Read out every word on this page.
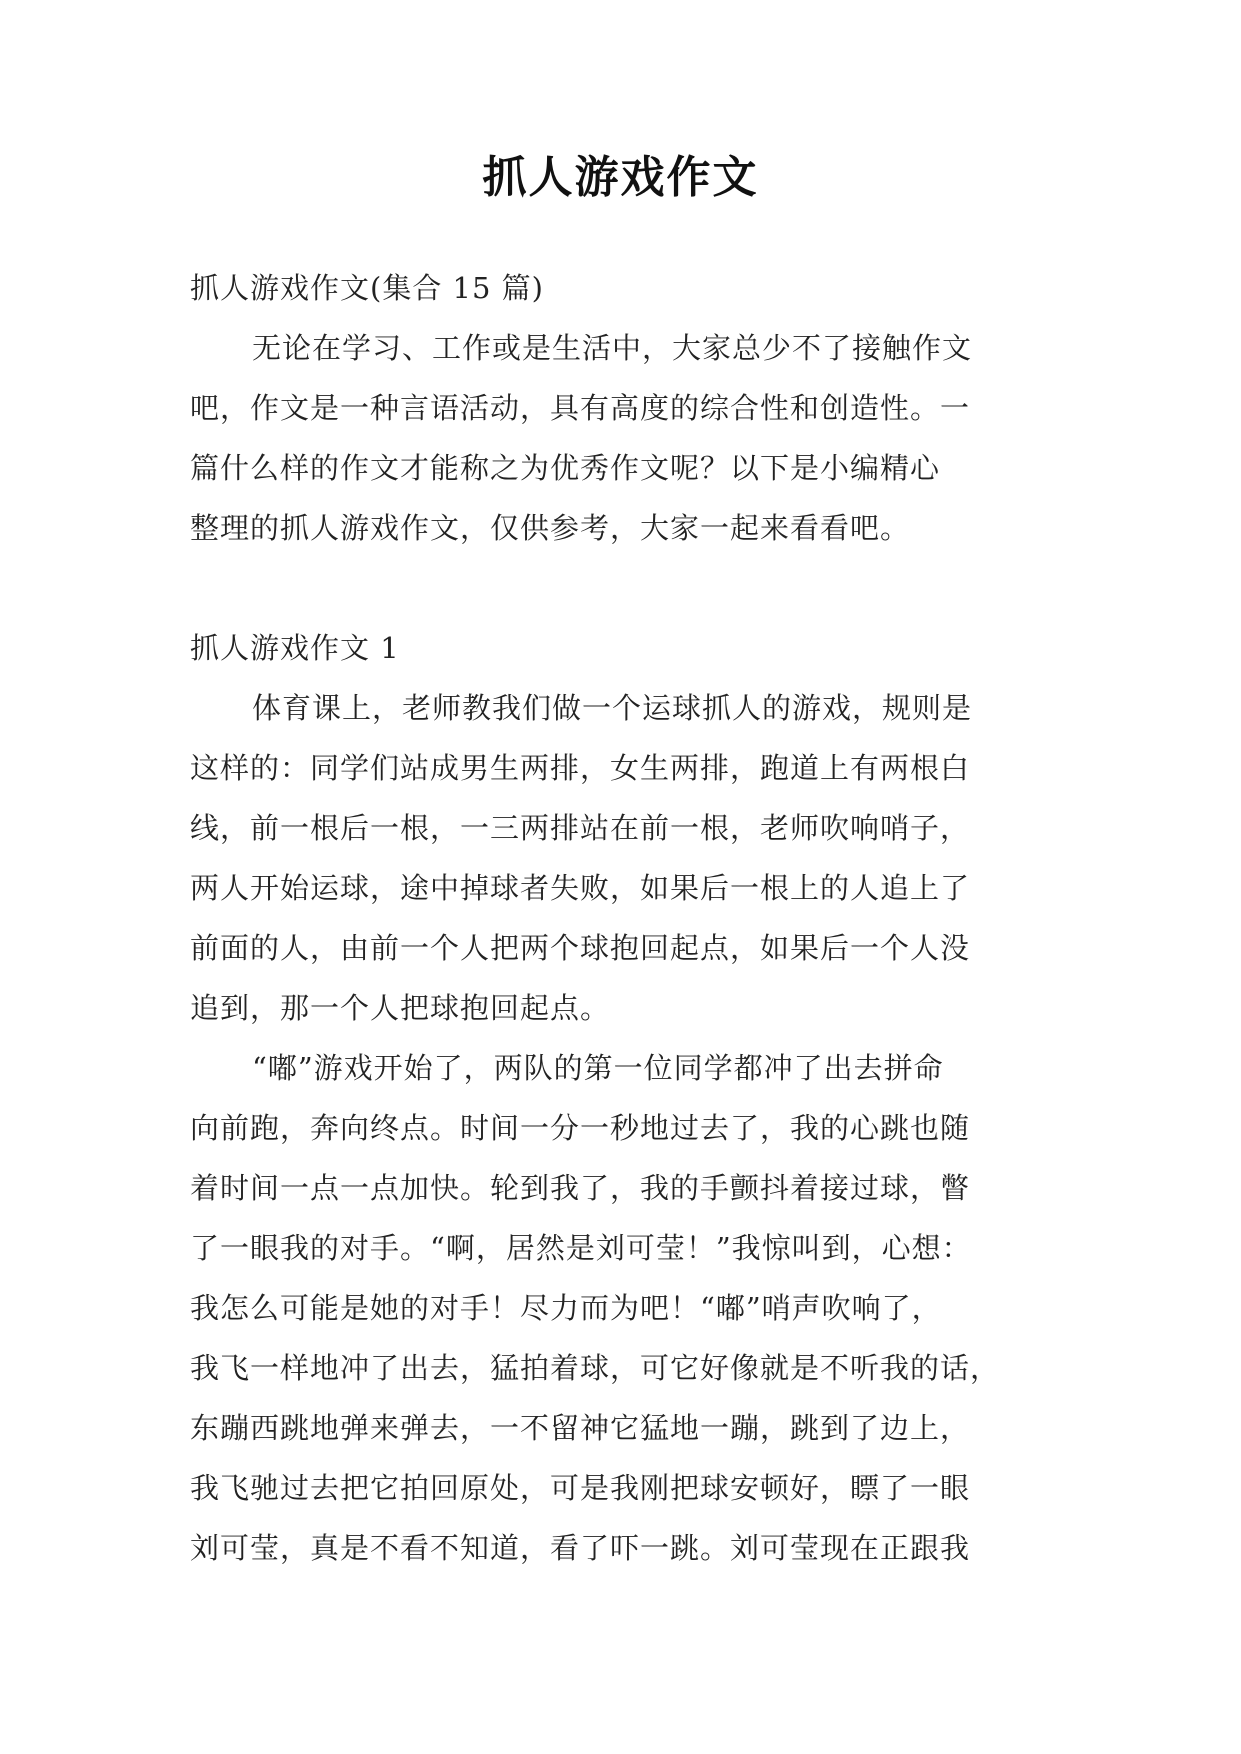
抓人游戏作文
抓人游戏作文(集合 15 篇)
无论在学习、工作或是生活中，大家总少不了接触作文
吧，作文是一种言语活动，具有高度的综合性和创造性。一
篇什么样的作文才能称之为优秀作文呢？以下是小编精心
整理的抓人游戏作文，仅供参考，大家一起来看看吧。
抓人游戏作文 1
体育课上，老师教我们做一个运球抓人的游戏，规则是
这样的：同学们站成男生两排，女生两排，跑道上有两根白
线，前一根后一根，一三两排站在前一根，老师吹响哨子，
两人开始运球，途中掉球者失败，如果后一根上的人追上了
前面的人，由前一个人把两个球抱回起点，如果后一个人没
追到，那一个人把球抱回起点。
“嘟”游戏开始了，两队的第一位同学都冲了出去拼命
向前跑，奔向终点。时间一分一秒地过去了，我的心跳也随
着时间一点一点加快。轮到我了，我的手颤抖着接过球，瞥
了一眼我的对手。“啊，居然是刘可莹！”我惊叫到，心想：
我怎么可能是她的对手！尽力而为吧！“嘟”哨声吹响了，
我飞一样地冲了出去，猛拍着球，可它好像就是不听我的话，
东蹦西跳地弹来弹去，一不留神它猛地一蹦，跳到了边上，
我飞驰过去把它拍回原处，可是我刚把球安顿好，瞟了一眼
刘可莹，真是不看不知道，看了吓一跳。刘可莹现在正跟我
